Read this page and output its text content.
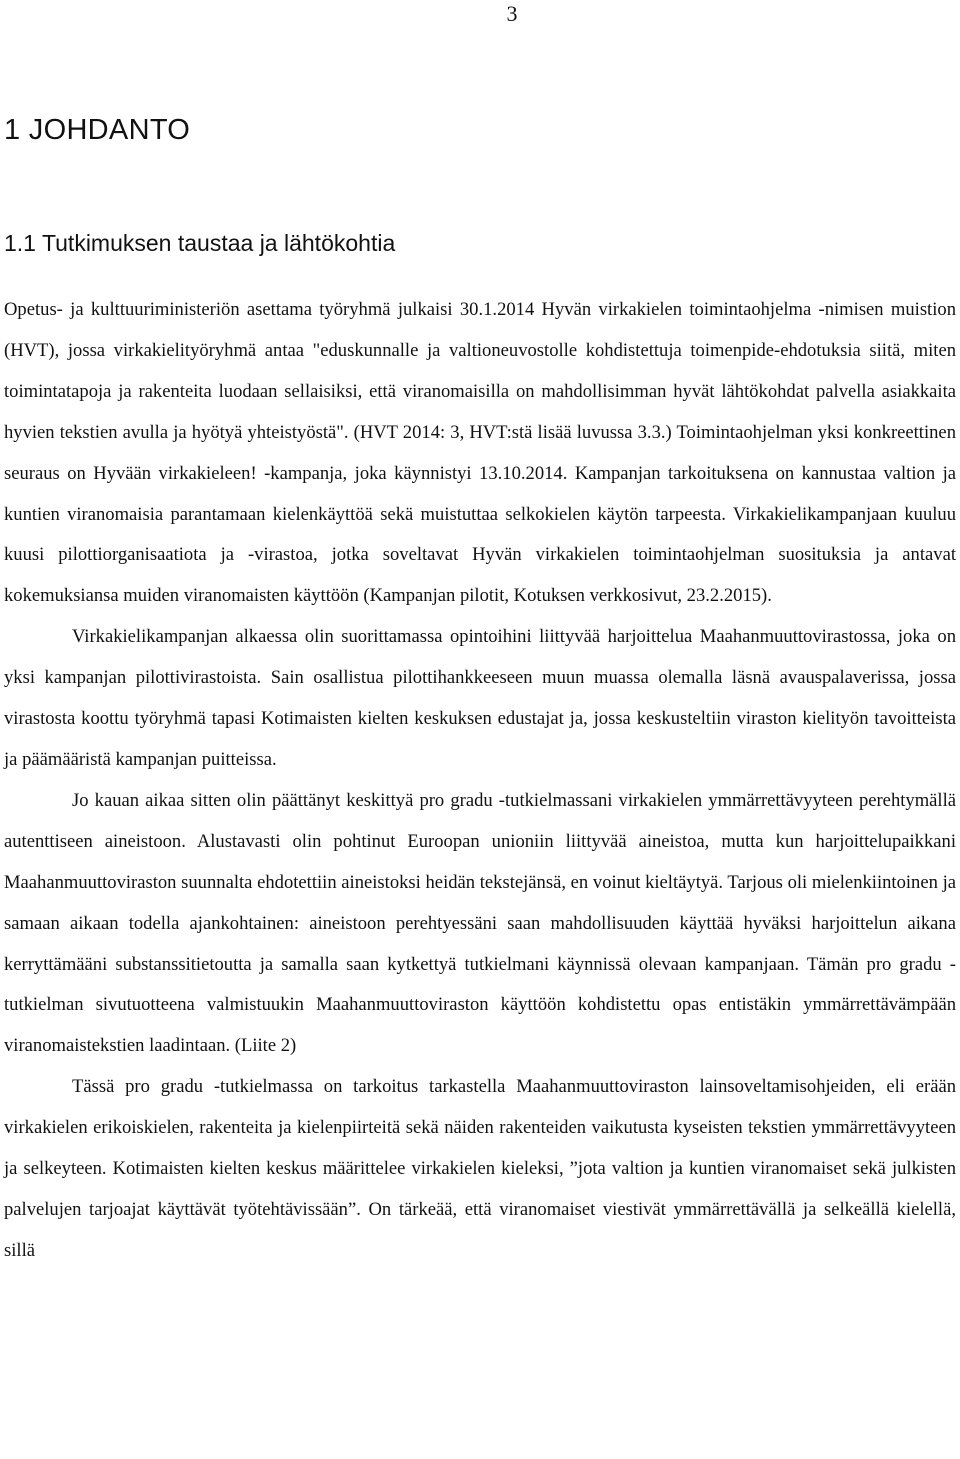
3
1 JOHDANTO
1.1 Tutkimuksen taustaa ja lähtökohtia

Opetus- ja kulttuuriministeriön asettama työryhmä julkaisi 30.1.2014 Hyvän virkakielen toimintaohjelma -nimisen muistion (HVT), jossa virkakielityöryhmä antaa "eduskunnalle ja valtioneuvostolle kohdistettuja toimenpide-ehdotuksia siitä, miten toimintatapoja ja rakenteita luodaan sellaisiksi, että viranomaisilla on mahdollisimman hyvät lähtökohdat palvella asiakkaita hyvien tekstien avulla ja hyötyä yhteistyöstä". (HVT 2014: 3, HVT:stä lisää luvussa 3.3.) Toimintaohjelman yksi konkreettinen seuraus on Hyvään virkakieleen! -kampanja, joka käynnistyi 13.10.2014. Kampanjan tarkoituksena on kannustaa valtion ja kuntien viranomaisia parantamaan kielenkäyttöä sekä muistuttaa selkokielen käytön tarpeesta. Virkakielikampanjaan kuuluu kuusi pilottiorganisaatiota ja -virastoa, jotka soveltavat Hyvän virkakielen toimintaohjelman suosituksia ja antavat kokemuksiansa muiden viranomaisten käyttöön (Kampanjan pilotit, Kotuksen verkkosivut, 23.2.2015).

Virkakielikampanjan alkaessa olin suorittamassa opintoihini liittyvää harjoittelua Maahanmuuttovirastossa, joka on yksi kampanjan pilottivirastoista. Sain osallistua pilottihankkeeseen muun muassa olemalla läsnä avauspalaverissa, jossa virastosta koottu työryhmä tapasi Kotimaisten kielten keskuksen edustajat ja, jossa keskusteltiin viraston kielityön tavoitteista ja päämääristä kampanjan puitteissa.

Jo kauan aikaa sitten olin päättänyt keskittyä pro gradu -tutkielmassani virkakielen ymmärrettävyyteen perehtymällä autenttiseen aineistoon. Alustavasti olin pohtinut Euroopan unioniin liittyvää aineistoa, mutta kun harjoittelupaikkani Maahanmuuttoviraston suunnalta ehdotettiin aineistoksi heidän tekstejänsä, en voinut kieltäytyä. Tarjous oli mielenkiintoinen ja samaan aikaan todella ajankohtainen: aineistoon perehtyessäni saan mahdollisuuden käyttää hyväksi harjoittelun aikana kerryttämääni substanssitietoutta ja samalla saan kytkettyä tutkielmani käynnissä olevaan kampanjaan. Tämän pro gradu -tutkielman sivutuotteena valmistuukin Maahanmuuttoviraston käyttöön kohdistettu opas entistäkin ymmärrettävämpään viranomaistekstien laadintaan. (Liite 2)

Tässä pro gradu -tutkielmassa on tarkoitus tarkastella Maahanmuuttoviraston lainsoveltamisohjeiden, eli erään virkakielen erikoiskielen, rakenteita ja kielenpiirteitä sekä näiden rakenteiden vaikutusta kyseisten tekstien ymmärrettävyyteen ja selkeyteen. Kotimaisten kielten keskus määrittelee virkakielen kieleksi, ”jota valtion ja kuntien viranomaiset sekä julkisten palvelujen tarjoajat käyttävät työtehtävissään”. On tärkeää, että viranomaiset viestivät ymmärrettävällä ja selkeällä kielellä, sillä
